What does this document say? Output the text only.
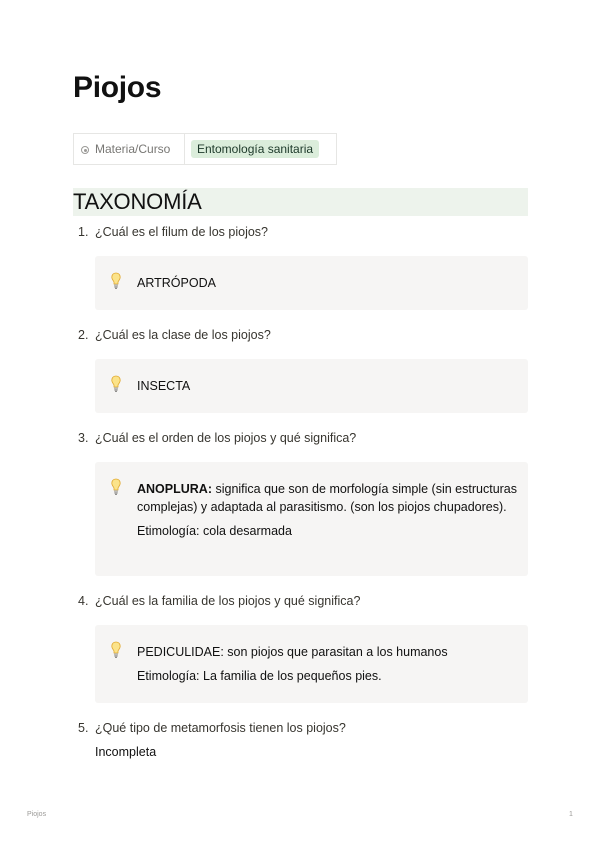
Piojos
Materia/Curso	Entomología sanitaria
TAXONOMÍA
1. ¿Cuál es el filum de los piojos?

ARTRÓPODA

2. ¿Cuál es la clase de los piojos?

INSECTA

3. ¿Cuál es el orden de los piojos y qué significa?

ANOPLURA: significa que son de morfología simple (sin estructuras complejas) y adaptada al parasitismo. (son los piojos chupadores).

Etimología: cola desarmada

4. ¿Cuál es la familia de los piojos y qué significa?

PEDICULIDAE: son piojos que parasitan a los humanos

Etimología: La familia de los pequeños pies.

5. ¿Qué tipo de metamorfosis tienen los piojos?
Incompleta
Piojos	1
